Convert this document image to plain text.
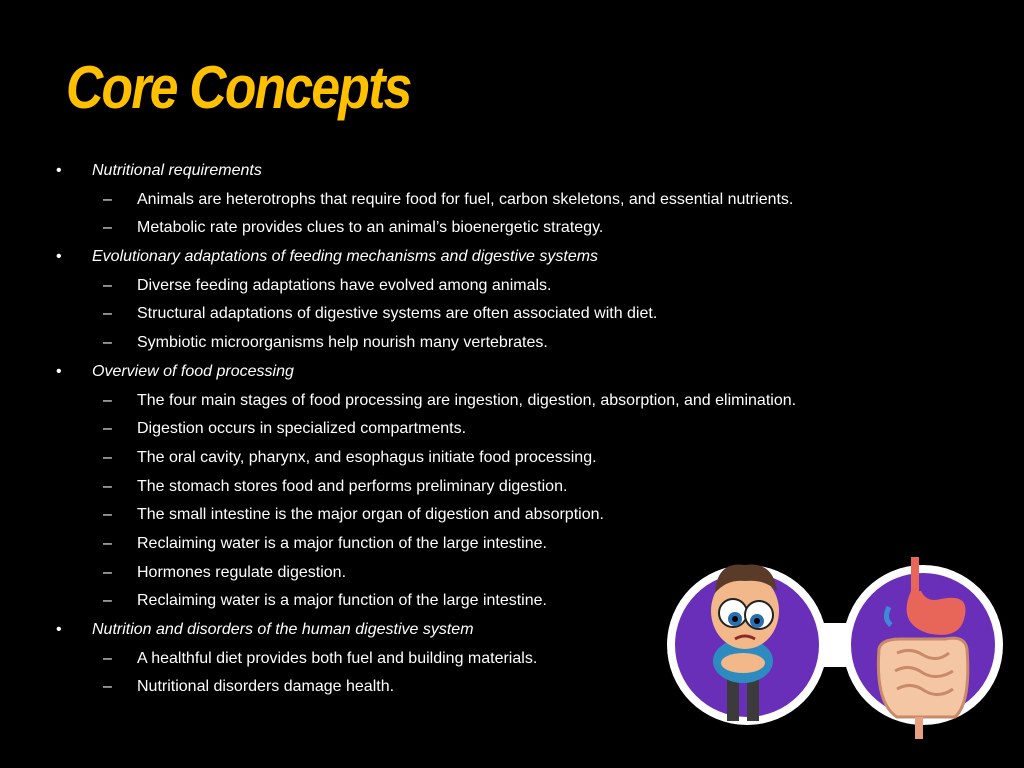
Core Concepts
• Nutritional requirements
– Animals are heterotrophs that require food for fuel, carbon skeletons, and essential nutrients.
– Metabolic rate provides clues to an animal’s bioenergetic strategy.
• Evolutionary adaptations of feeding mechanisms and digestive systems
– Diverse feeding adaptations have evolved among animals.
– Structural adaptations of digestive systems are often associated with diet.
– Symbiotic microorganisms help nourish many vertebrates.
• Overview of food processing
– The four main stages of food processing are ingestion, digestion, absorption, and elimination.
– Digestion occurs in specialized compartments.
– The oral cavity, pharynx, and esophagus initiate food processing.
– The stomach stores food and performs preliminary digestion.
– The small intestine is the major organ of digestion and absorption.
– Reclaiming water is a major function of the large intestine.
– Hormones regulate digestion.
– Reclaiming water is a major function of the large intestine.
• Nutrition and disorders of the human digestive system
– A healthful diet provides both fuel and building materials.
– Nutritional disorders damage health.
